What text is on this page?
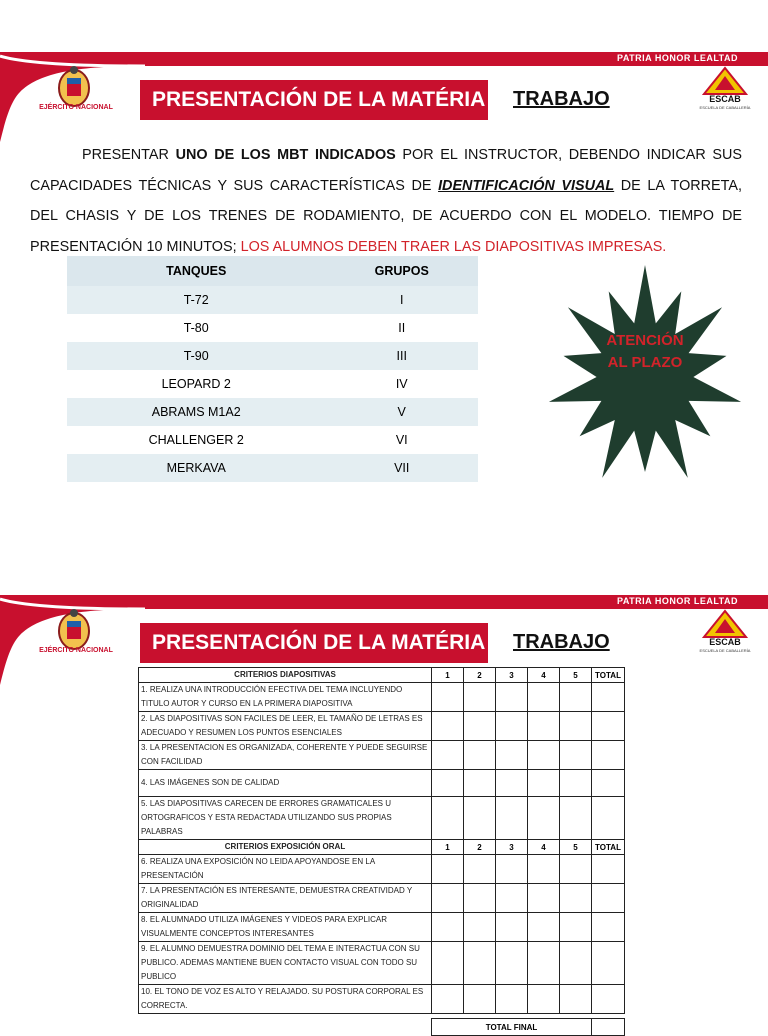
PATRIA HONOR LEALTAD
EJÉRCITO NACIONAL	PRESENTACIÓN DE LA MATÉRIA TRABAJO	ESCAB
ESCUELA DE CABALLERÍA
PRESENTAR UNO DE LOS MBT INDICADOS POR EL INSTRUCTOR, DEBENDO INDICAR SUS CAPACIDADES TÉCNICAS Y SUS CARACTERÍSTICAS DE IDENTIFICACIÓN VISUAL DE LA TORRETA, DEL CHASIS Y DE LOS TRENES DE RODAMIENTO, DE ACUERDO CON EL MODELO. TIEMPO DE PRESENTACIÓN 10 MINUTOS; LOS ALUMNOS DEBEN TRAER LAS DIAPOSITIVAS IMPRESAS.
TANQUES	GRUPOS
T-72	I
T-80	II
T-90	III
LEOPARD 2	IV
ABRAMS M1A2	V
CHALLENGER 2	VI
MERKAVA	VII
ATENCIÓN
AL PLAZO
PATRIA HONOR LEALTAD
EJÉRCITO NACIONAL	PRESENTACIÓN DE LA MATÉRIA TRABAJO	ESCAB
ESCUELA DE CABALLERÍA
CRITERIOS DIAPOSITIVAS	1	2	3	4	5	TOTAL
1. REALIZA UNA INTRODUCCIÓN EFECTIVA DEL TEMA INCLUYENDO TITULO AUTOR Y CURSO EN LA PRIMERA DIAPOSITIVA						
2. LAS DIAPOSITIVAS SON FACILES DE LEER, EL TAMAÑO DE LETRAS ES ADECUADO Y RESUMEN LOS PUNTOS ESENCIALES						
3. LA PRESENTACION ES ORGANIZADA, COHERENTE Y PUEDE SEGUIRSE CON FACILIDAD						
4. LAS IMÁGENES SON DE CALIDAD						
5. LAS DIAPOSITIVAS CARECEN DE ERRORES GRAMATICALES U ORTOGRAFICOS Y ESTA REDACTADA UTILIZANDO SUS PROPIAS PALABRAS						
CRITERIOS EXPOSICIÓN ORAL	1	2	3	4	5	TOTAL
6. REALIZA UNA EXPOSICIÓN NO LEIDA APOYANDOSE EN LA PRESENTACIÓN						
7. LA PRESENTACIÓN ES INTERESANTE, DEMUESTRA CREATIVIDAD Y ORIGINALIDAD						
8. EL ALUMNADO UTILIZA IMÁGENES Y VIDEOS PARA EXPLICAR VISUALMENTE CONCEPTOS INTERESANTES						
9. EL ALUMNO DEMUESTRA DOMINIO DEL TEMA E INTERACTUA CON SU PUBLICO. ADEMAS MANTIENE BUEN CONTACTO VISUAL CON TODO SU PUBLICO						
10. EL TONO DE VOZ ES ALTO Y RELAJADO. SU POSTURA CORPORAL ES CORRECTA.						

	TOTAL FINAL					
